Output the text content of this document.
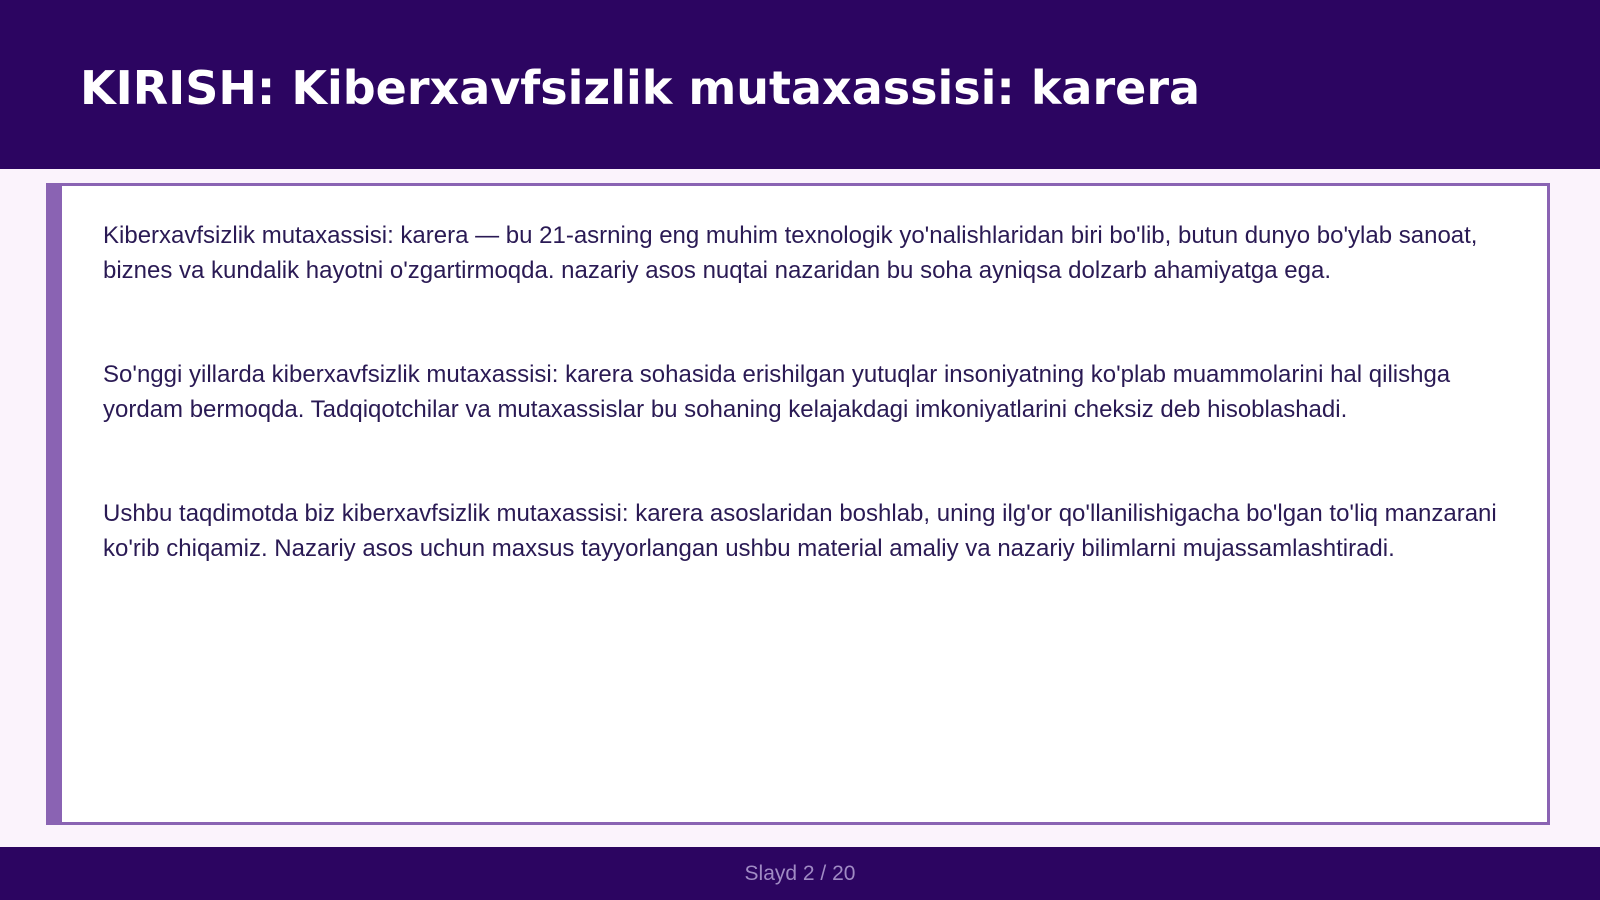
KIRISH: Kiberxavfsizlik mutaxassisi: karera

Kiberxavfsizlik mutaxassisi: karera — bu 21-asrning eng muhim texnologik yo'nalishlaridan biri bo'lib, butun dunyo bo'ylab sanoat, biznes va kundalik hayotni o'zgartirmoqda. nazariy asos nuqtai nazaridan bu soha ayniqsa dolzarb ahamiyatga ega.

So'nggi yillarda kiberxavfsizlik mutaxassisi: karera sohasida erishilgan yutuqlar insoniyatning ko'plab muammolarini hal qilishga yordam bermoqda. Tadqiqotchilar va mutaxassislar bu sohaning kelajakdagi imkoniyatlarini cheksiz deb hisoblashadi.

Ushbu taqdimotda biz kiberxavfsizlik mutaxassisi: karera asoslaridan boshlab, uning ilg'or qo'llanilishigacha bo'lgan to'liq manzarani ko'rib chiqamiz. Nazariy asos uchun maxsus tayyorlangan ushbu material amaliy va nazariy bilimlarni mujassamlashtiradi.

Slayd 2 / 20
